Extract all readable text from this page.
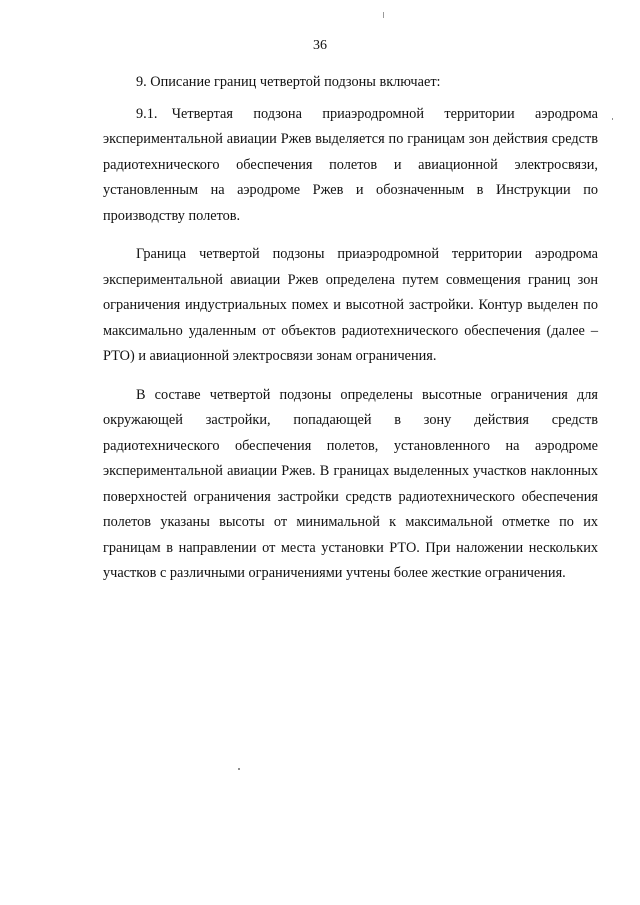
36

9. Описание границ четвертой подзоны включает:

9.1. Четвертая подзона приаэродромной территории аэродрома экспериментальной авиации Ржев выделяется по границам зон действия средств радиотехнического обеспечения полетов и авиационной электросвязи, установленным на аэродроме Ржев и обозначенным в Инструкции по производству полетов.

Граница четвертой подзоны приаэродромной территории аэродрома экспериментальной авиации Ржев определена путем совмещения границ зон ограничения индустриальных помех и высотной застройки. Контур выделен по максимально удаленным от объектов радиотехнического обеспечения (далее – РТО) и авиационной электросвязи зонам ограничения.

В составе четвертой подзоны определены высотные ограничения для окружающей застройки, попадающей в зону действия средств радиотехнического обеспечения полетов, установленного на аэродроме экспериментальной авиации Ржев. В границах выделенных участков наклонных поверхностей ограничения застройки средств радиотехнического обеспечения полетов указаны высоты от минимальной к максимальной отметке по их границам в направлении от места установки РТО. При наложении нескольких участков с различными ограничениями учтены более жесткие ограничения.
